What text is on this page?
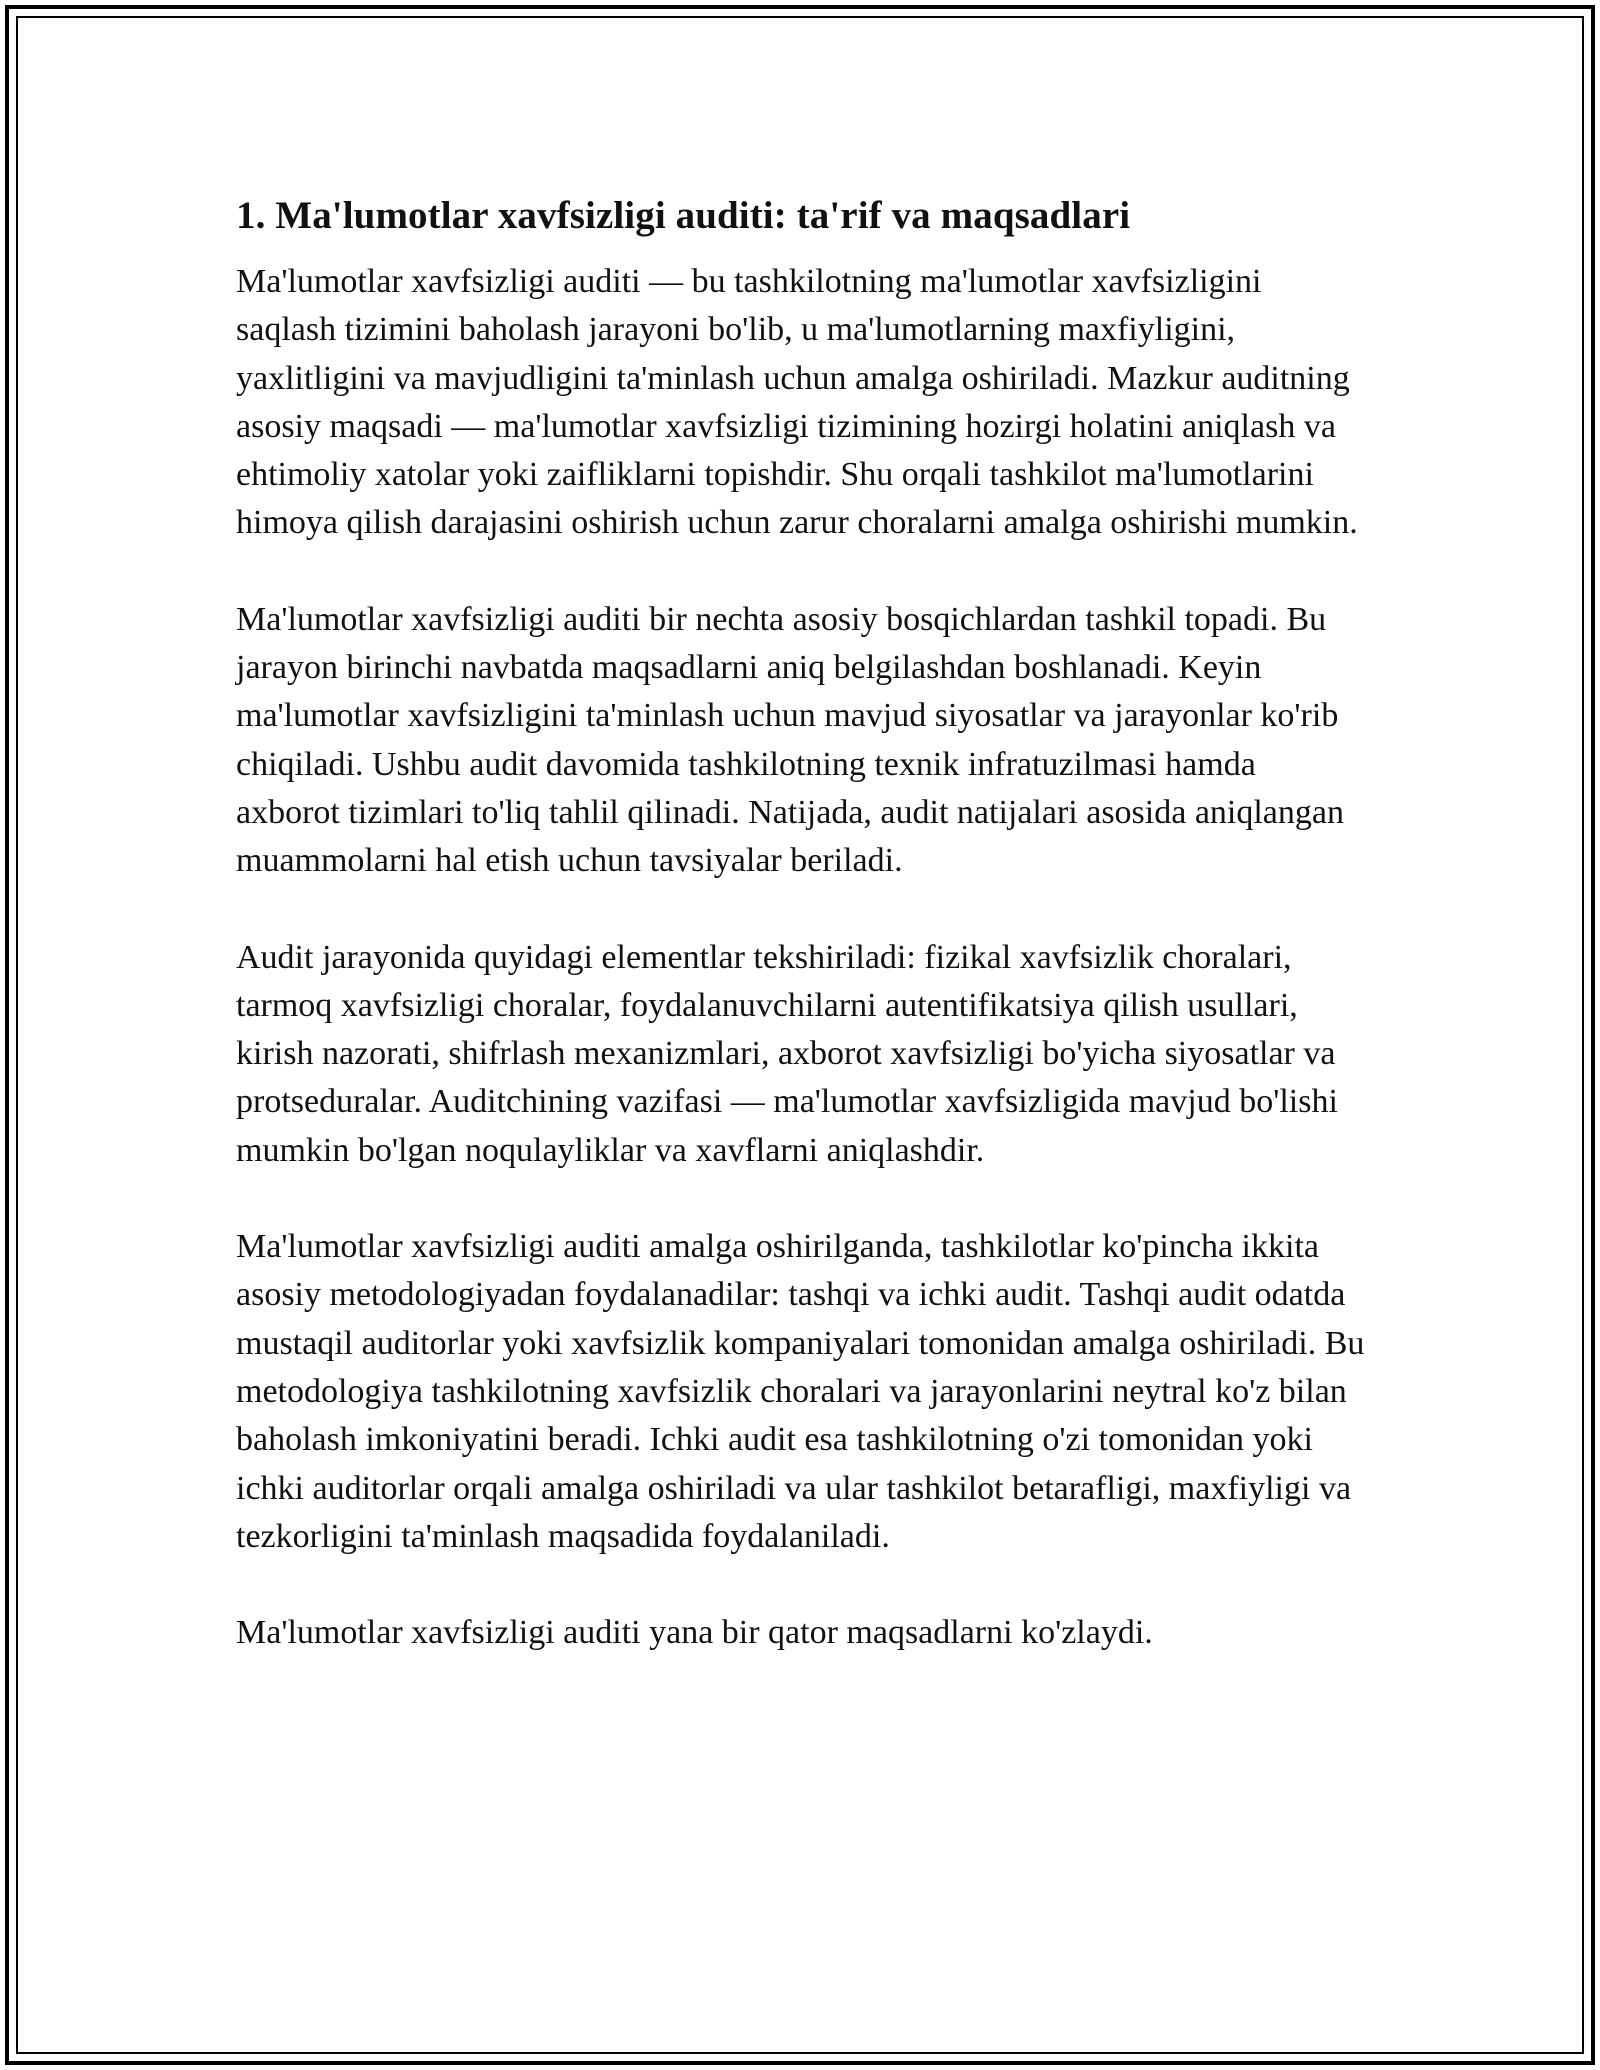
1. Ma'lumotlar xavfsizligi auditi: ta'rif va maqsadlari

Ma'lumotlar xavfsizligi auditi — bu tashkilotning ma'lumotlar xavfsizligini saqlash tizimini baholash jarayoni bo'lib, u ma'lumotlarning maxfiyligini, yaxlitligini va mavjudligini ta'minlash uchun amalga oshiriladi. Mazkur auditning asosiy maqsadi — ma'lumotlar xavfsizligi tizimining hozirgi holatini aniqlash va ehtimoliy xatolar yoki zaifliklarni topishdir. Shu orqali tashkilot ma'lumotlarini himoya qilish darajasini oshirish uchun zarur choralarni amalga oshirishi mumkin.

Ma'lumotlar xavfsizligi auditi bir nechta asosiy bosqichlardan tashkil topadi. Bu jarayon birinchi navbatda maqsadlarni aniq belgilashdan boshlanadi. Keyin ma'lumotlar xavfsizligini ta'minlash uchun mavjud siyosatlar va jarayonlar ko'rib chiqiladi. Ushbu audit davomida tashkilotning texnik infratuzilmasi hamda axborot tizimlari to'liq tahlil qilinadi. Natijada, audit natijalari asosida aniqlangan muammolarni hal etish uchun tavsiyalar beriladi.

Audit jarayonida quyidagi elementlar tekshiriladi: fizikal xavfsizlik choralari, tarmoq xavfsizligi choralar, foydalanuvchilarni autentifikatsiya qilish usullari, kirish nazorati, shifrlash mexanizmlari, axborot xavfsizligi bo'yicha siyosatlar va protseduralar. Auditchining vazifasi — ma'lumotlar xavfsizligida mavjud bo'lishi mumkin bo'lgan noqulayliklar va xavflarni aniqlashdir.

Ma'lumotlar xavfsizligi auditi amalga oshirilganda, tashkilotlar ko'pincha ikkita asosiy metodologiyadan foydalanadilar: tashqi va ichki audit. Tashqi audit odatda mustaqil auditorlar yoki xavfsizlik kompaniyalari tomonidan amalga oshiriladi. Bu metodologiya tashkilotning xavfsizlik choralari va jarayonlarini neytral ko'z bilan baholash imkoniyatini beradi. Ichki audit esa tashkilotning o'zi tomonidan yoki ichki auditorlar orqali amalga oshiriladi va ular tashkilot betarafligi, maxfiyligi va tezkorligini ta'minlash maqsadida foydalaniladi.

Ma'lumotlar xavfsizligi auditi yana bir qator maqsadlarni ko'zlaydi.
